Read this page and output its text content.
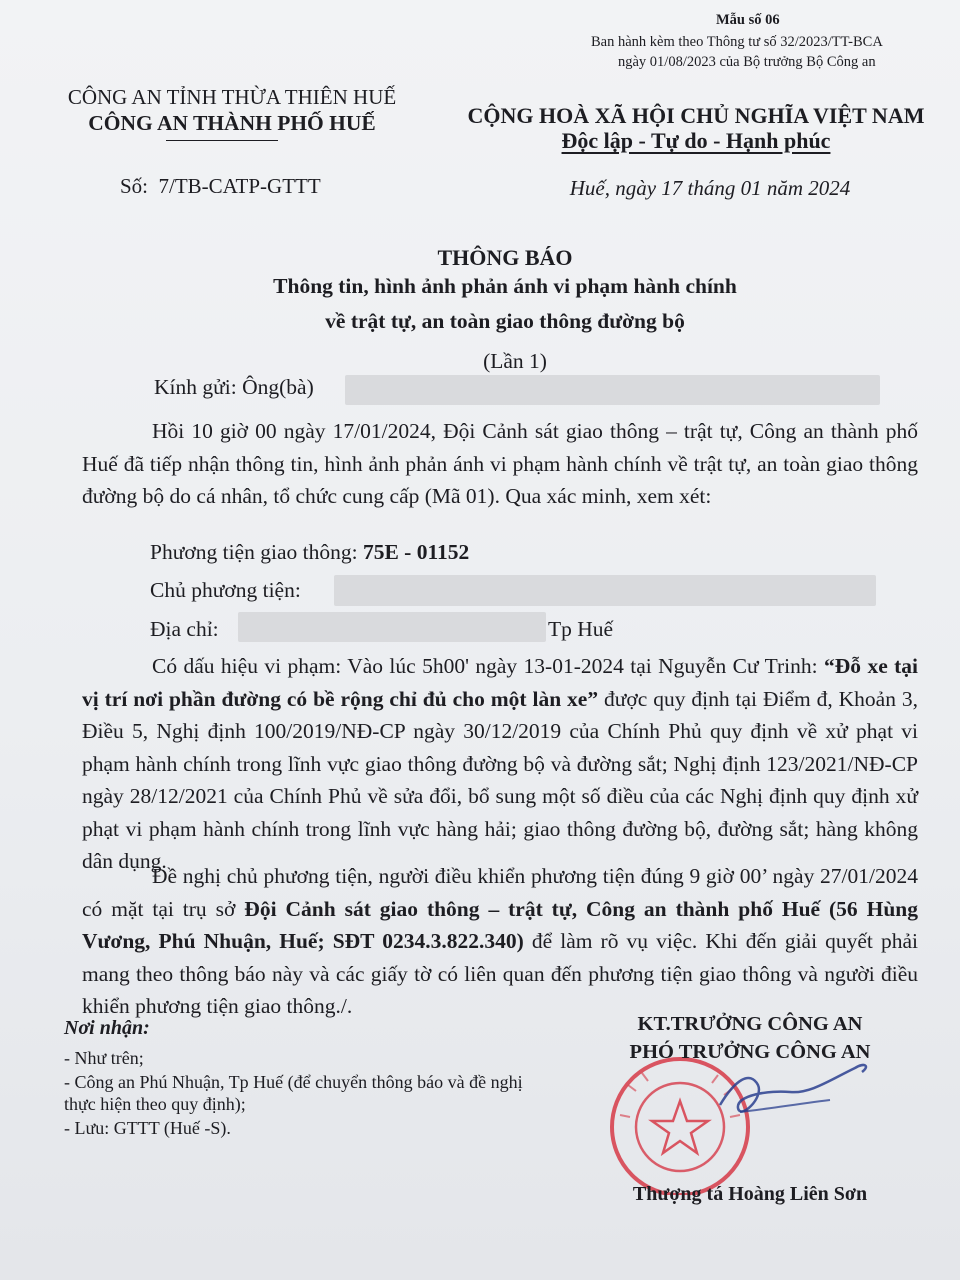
Mẫu số 06
Ban hành kèm theo Thông tư số 32/2023/TT-BCA
ngày 01/08/2023 của Bộ trưởng Bộ Công an
CÔNG AN TỈNH THỪA THIÊN HUẾ
CÔNG AN THÀNH PHỐ HUẾ
Số: 7/TB-CATP-GTTT
CỘNG HOÀ XÃ HỘI CHỦ NGHĨA VIỆT NAM
Độc lập - Tự do - Hạnh phúc
Huế, ngày 17 tháng 01 năm 2024
THÔNG BÁO
Thông tin, hình ảnh phản ánh vi phạm hành chính
về trật tự, an toàn giao thông đường bộ
(Lần 1)
Kính gửi: Ông(bà)

Hồi 10 giờ 00 ngày 17/01/2024, Đội Cảnh sát giao thông – trật tự, Công an thành phố Huế đã tiếp nhận thông tin, hình ảnh phản ánh vi phạm hành chính về trật tự, an toàn giao thông đường bộ do cá nhân, tổ chức cung cấp (Mã 01). Qua xác minh, xem xét:

Phương tiện giao thông: 75E - 01152
Chủ phương tiện:
Địa chỉ:	Tp Huế

Có dấu hiệu vi phạm: Vào lúc 5h00' ngày 13-01-2024 tại Nguyễn Cư Trinh: “Đỗ xe tại vị trí nơi phần đường có bề rộng chỉ đủ cho một làn xe” được quy định tại Điểm đ, Khoản 3, Điều 5, Nghị định 100/2019/NĐ-CP ngày 30/12/2019 của Chính Phủ quy định về xử phạt vi phạm hành chính trong lĩnh vực giao thông đường bộ và đường sắt; Nghị định 123/2021/NĐ-CP ngày 28/12/2021 của Chính Phủ về sửa đổi, bổ sung một số điều của các Nghị định quy định xử phạt vi phạm hành chính trong lĩnh vực hàng hải; giao thông đường bộ, đường sắt; hàng không dân dụng.

Đề nghị chủ phương tiện, người điều khiển phương tiện đúng 9 giờ 00’ ngày 27/01/2024 có mặt tại trụ sở Đội Cảnh sát giao thông – trật tự, Công an thành phố Huế (56 Hùng Vương, Phú Nhuận, Huế; SĐT 0234.3.822.340) để làm rõ vụ việc. Khi đến giải quyết phải mang theo thông báo này và các giấy tờ có liên quan đến phương tiện giao thông và người điều khiển phương tiện giao thông./.

Nơi nhận:
- Như trên;
- Công an Phú Nhuận, Tp Huế (để chuyển thông báo và đề nghị thực hiện theo quy định);
- Lưu: GTTT (Huế -S).
KT.TRƯỞNG CÔNG AN
PHÓ TRƯỞNG CÔNG AN
Thượng tá Hoàng Liên Sơn
